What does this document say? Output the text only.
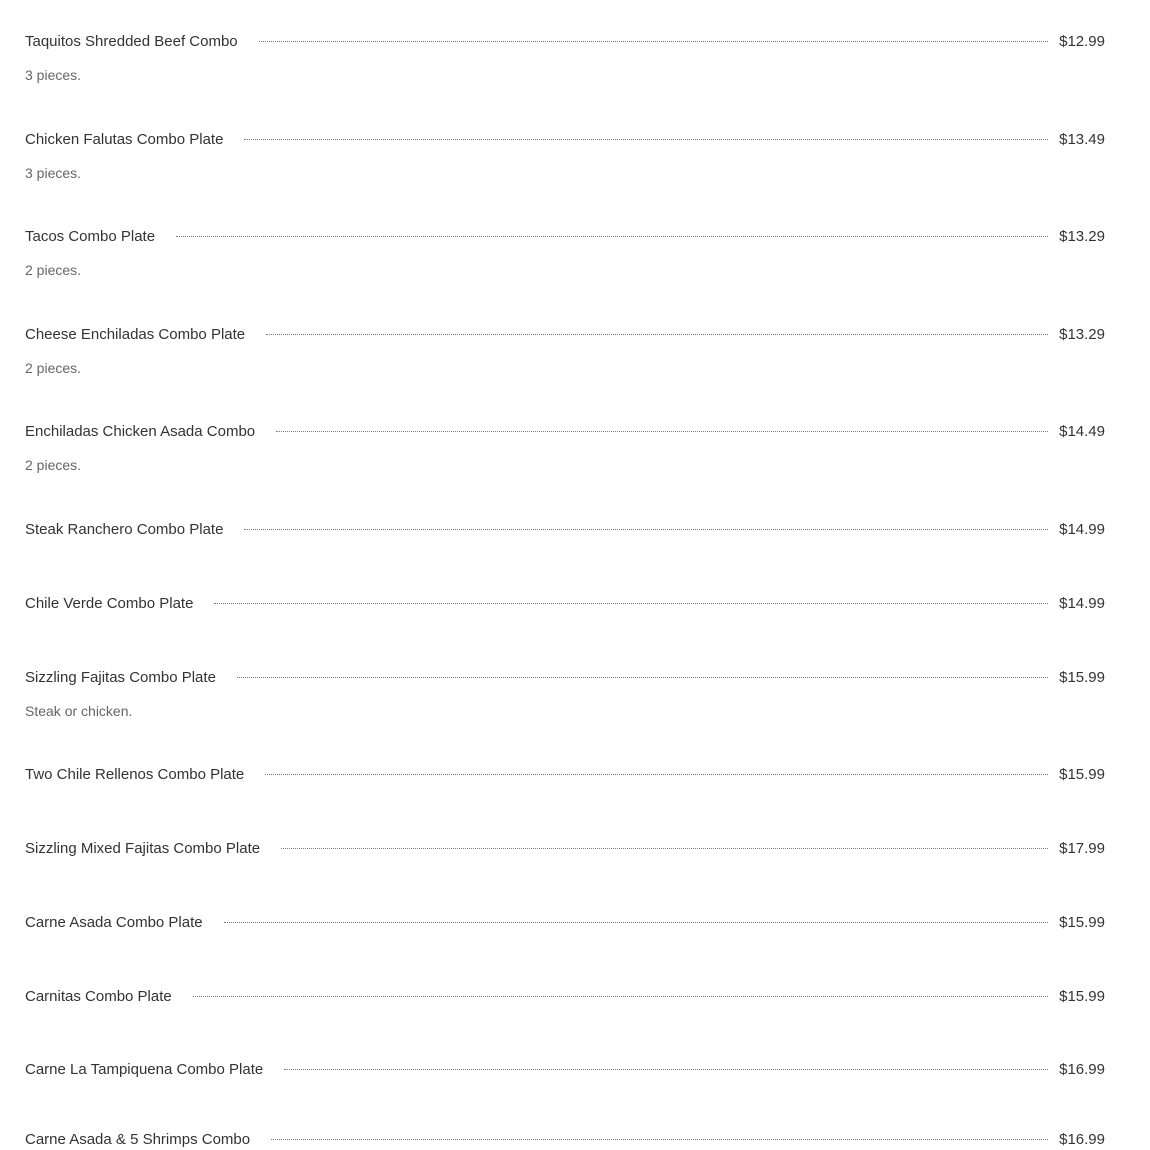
Taquitos Shredded Beef Combo	$12.99
3 pieces.
Chicken Falutas Combo Plate	$13.49
3 pieces.
Tacos Combo Plate	$13.29
2 pieces.
Cheese Enchiladas Combo Plate	$13.29
2 pieces.
Enchiladas Chicken Asada Combo	$14.49
2 pieces.
Steak Ranchero Combo Plate	$14.99
Chile Verde Combo Plate	$14.99
Sizzling Fajitas Combo Plate	$15.99
Steak or chicken.
Two Chile Rellenos Combo Plate	$15.99
Sizzling Mixed Fajitas Combo Plate	$17.99
Carne Asada Combo Plate	$15.99
Carnitas Combo Plate	$15.99
Carne La Tampiquena Combo Plate	$16.99
Carne Asada & 5 Shrimps Combo	$16.99
